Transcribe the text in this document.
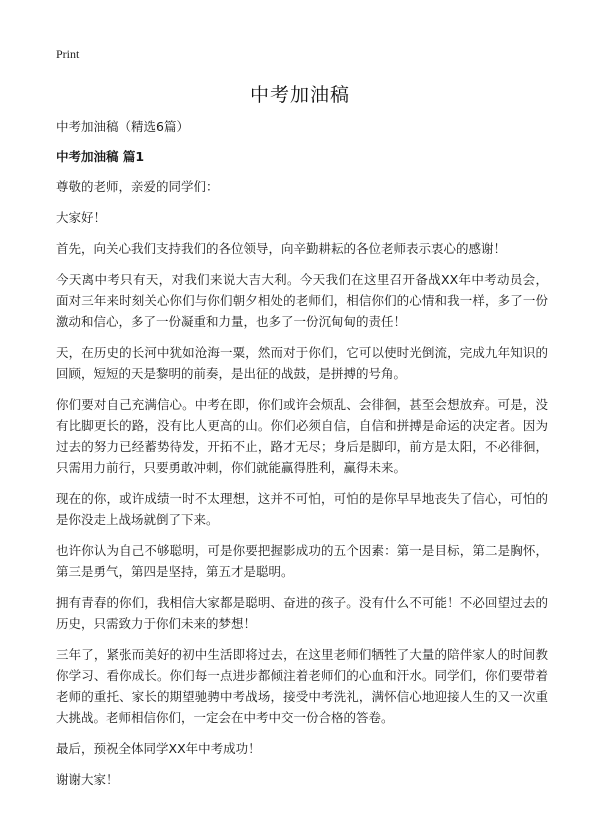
Print
中考加油稿

中考加油稿（精选6篇）

中考加油稿 篇1

尊敬的老师，亲爱的同学们：

大家好！

首先，向关心我们支持我们的各位领导，向辛勤耕耘的各位老师表示衷心的感谢！

今天离中考只有天，对我们来说大吉大利。今天我们在这里召开备战XX年中考动员会，面对三年来时刻关心你们与你们朝夕相处的老师们，相信你们的心情和我一样，多了一份激动和信心，多了一份凝重和力量，也多了一份沉甸甸的责任！

天，在历史的长河中犹如沧海一粟，然而对于你们，它可以使时光倒流，完成九年知识的回顾，短短的天是黎明的前奏，是出征的战鼓，是拼搏的号角。

你们要对自己充满信心。中考在即，你们或许会烦乱、会徘徊，甚至会想放弃。可是，没有比脚更长的路，没有比人更高的山。你们必须自信，自信和拼搏是命运的决定者。因为过去的努力已经蓄势待发，开拓不止，路才无尽；身后是脚印，前方是太阳，不必徘徊，只需用力前行，只要勇敢冲刺，你们就能赢得胜利，赢得未来。

现在的你，或许成绩一时不太理想，这并不可怕，可怕的是你早早地丧失了信心，可怕的是你没走上战场就倒了下来。

也许你认为自己不够聪明，可是你要把握影成功的五个因素：第一是目标，第二是胸怀，第三是勇气，第四是坚持，第五才是聪明。

拥有青春的你们，我相信大家都是聪明、奋进的孩子。没有什么不可能！不必回望过去的历史，只需致力于你们未来的梦想！

三年了，紧张而美好的初中生活即将过去，在这里老师们牺牲了大量的陪伴家人的时间教你学习、看你成长。你们每一点进步都倾注着老师们的心血和汗水。同学们，你们要带着老师的重托、家长的期望驰骋中考战场，接受中考洗礼，满怀信心地迎接人生的又一次重大挑战。老师相信你们，一定会在中考中交一份合格的答卷。

最后，预祝全体同学XX年中考成功！

谢谢大家！
